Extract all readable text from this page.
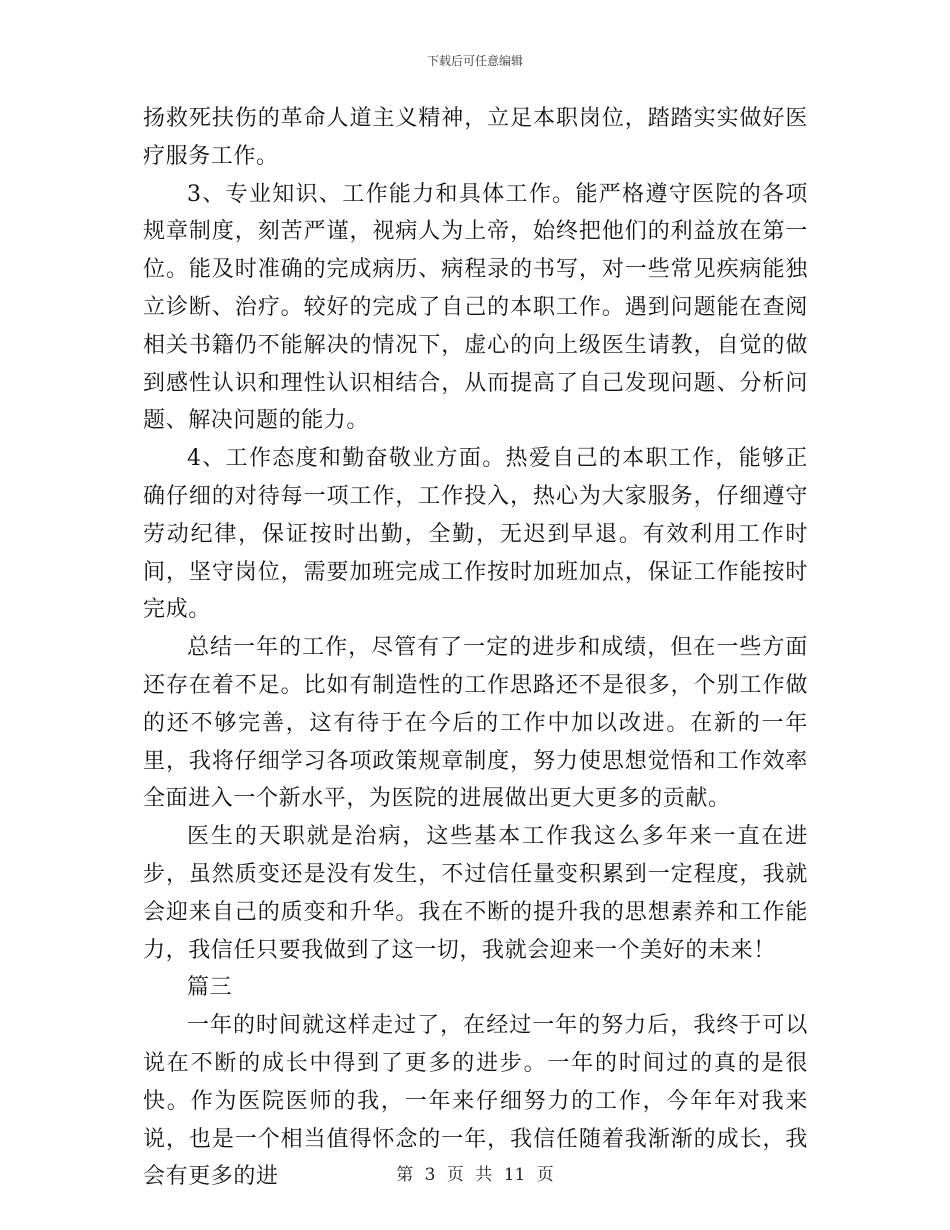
下载后可任意编辑

扬救死扶伤的革命人道主义精神，立足本职岗位，踏踏实实做好医疗服务工作。

3、专业知识、工作能力和具体工作。能严格遵守医院的各项规章制度，刻苦严谨，视病人为上帝，始终把他们的利益放在第一位。能及时准确的完成病历、病程录的书写，对一些常见疾病能独立诊断、治疗。较好的完成了自己的本职工作。遇到问题能在查阅相关书籍仍不能解决的情况下，虚心的向上级医生请教，自觉的做到感性认识和理性认识相结合，从而提高了自己发现问题、分析问题、解决问题的能力。

4、工作态度和勤奋敬业方面。热爱自己的本职工作，能够正确仔细的对待每一项工作，工作投入，热心为大家服务，仔细遵守劳动纪律，保证按时出勤，全勤，无迟到早退。有效利用工作时间，坚守岗位，需要加班完成工作按时加班加点，保证工作能按时完成。

总结一年的工作，尽管有了一定的进步和成绩，但在一些方面还存在着不足。比如有制造性的工作思路还不是很多，个别工作做的还不够完善，这有待于在今后的工作中加以改进。在新的一年里，我将仔细学习各项政策规章制度，努力使思想觉悟和工作效率全面进入一个新水平，为医院的进展做出更大更多的贡献。

医生的天职就是治病，这些基本工作我这么多年来一直在进步，虽然质变还是没有发生，不过信任量变积累到一定程度，我就会迎来自己的质变和升华。我在不断的提升我的思想素养和工作能力，我信任只要我做到了这一切，我就会迎来一个美好的未来！

篇三

一年的时间就这样走过了，在经过一年的努力后，我终于可以说在不断的成长中得到了更多的进步。一年的时间过的真的是很快。作为医院医师的我，一年来仔细努力的工作，今年年对我来说，也是一个相当值得怀念的一年，我信任随着我渐渐的成长，我会有更多的进	第 3 页 共 11 页
